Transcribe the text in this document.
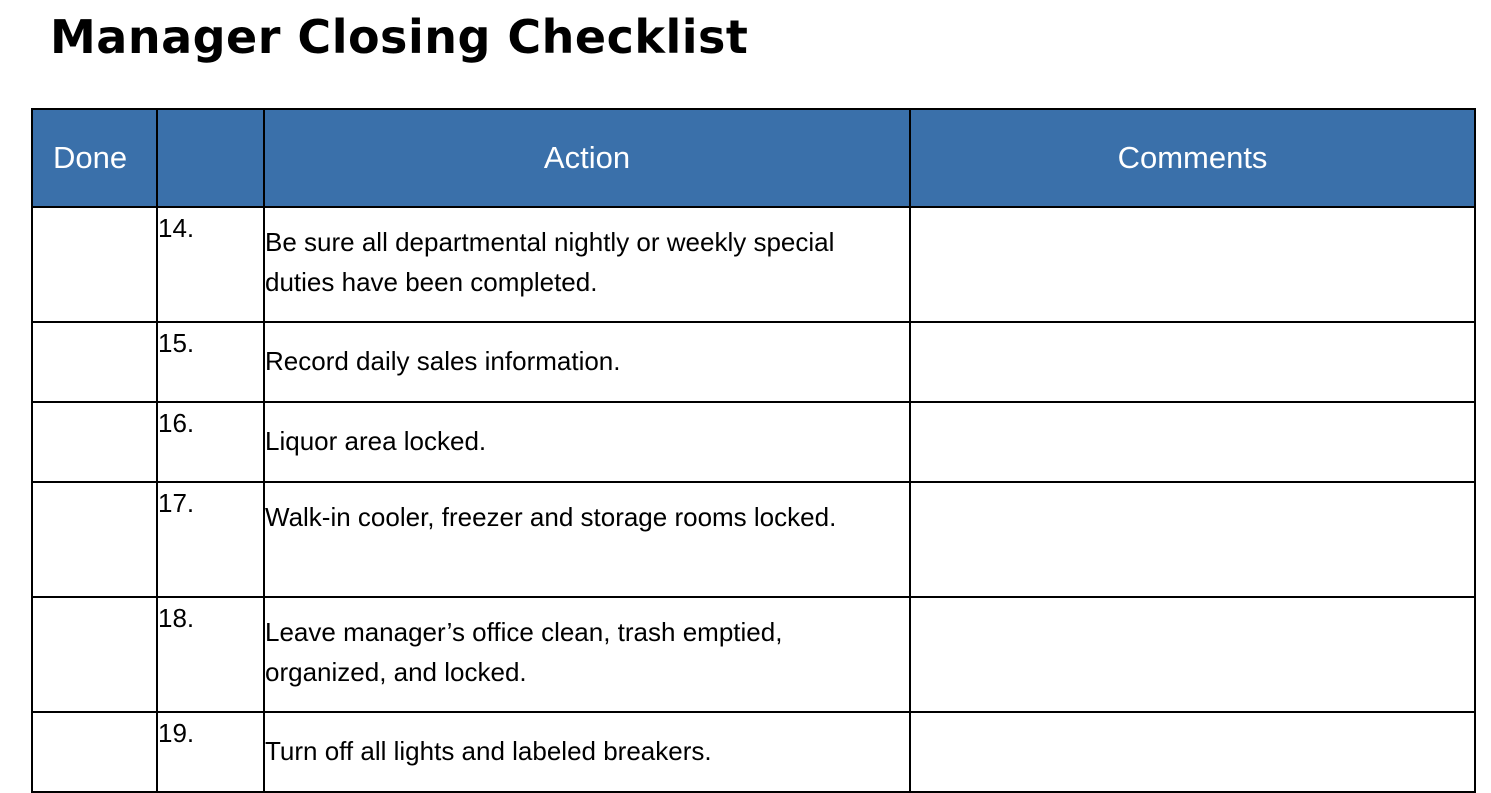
Manager Closing Checklist
Done		Action	Comments
	14.	Be sure all departmental nightly or weekly special duties have been completed.	
	15.	Record daily sales information.	
	16.	Liquor area locked.	
	17.	Walk-in cooler, freezer and storage rooms locked.	
	18.	Leave manager’s office clean, trash emptied, organized, and locked.	
	19.	Turn off all lights and labeled breakers.	
